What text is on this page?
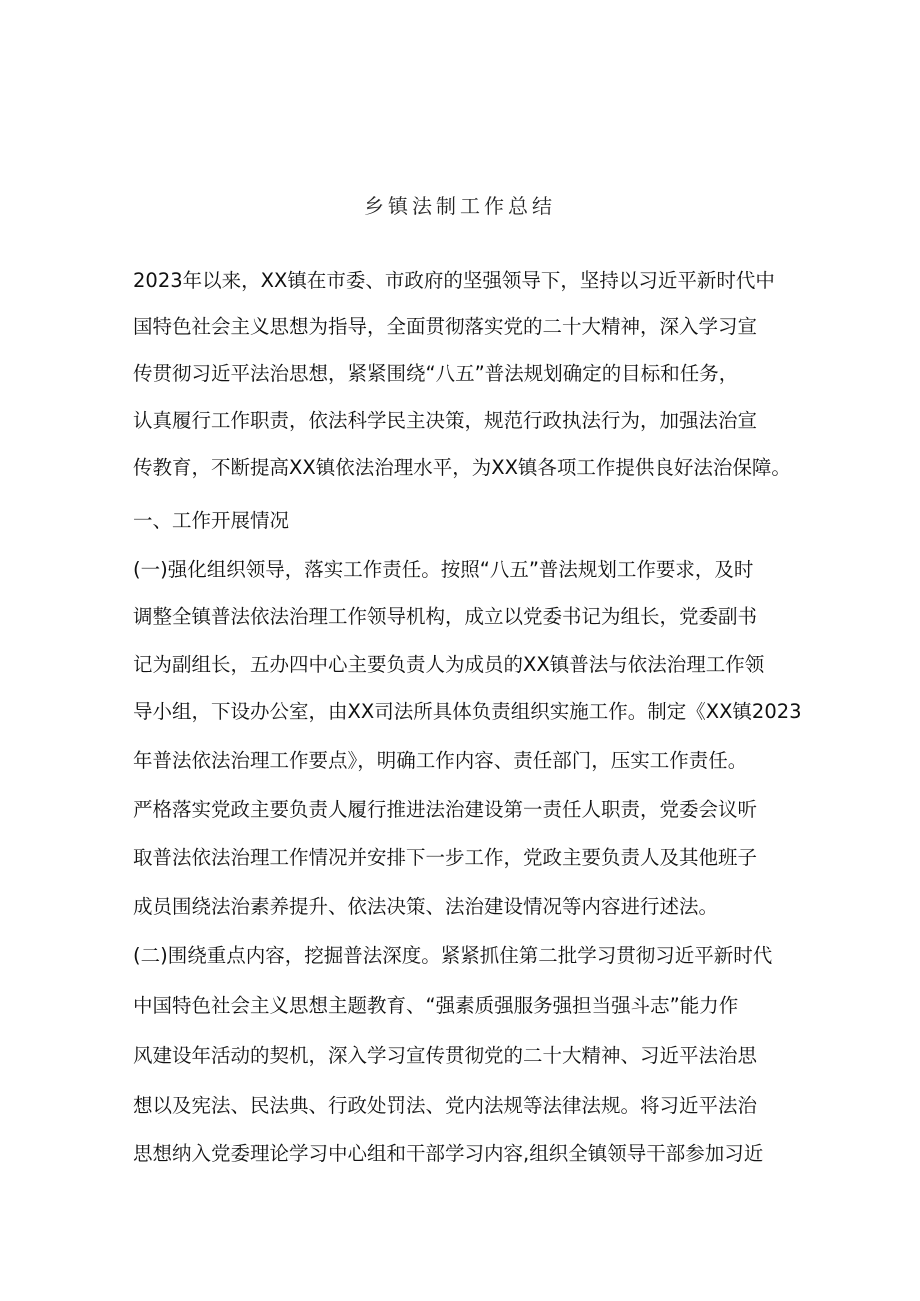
乡镇法制工作总结
2023年以来，XX镇在市委、市政府的坚强领导下，坚持以习近平新时代中
国特色社会主义思想为指导，全面贯彻落实党的二十大精神，深入学习宣
传贯彻习近平法治思想，紧紧围绕“八五”普法规划确定的目标和任务，
认真履行工作职责，依法科学民主决策，规范行政执法行为，加强法治宣
传教育，不断提高XX镇依法治理水平，为XX镇各项工作提供良好法治保障。
一、工作开展情况
(一)强化组织领导，落实工作责任。按照“八五”普法规划工作要求，及时
调整全镇普法依法治理工作领导机构，成立以党委书记为组长，党委副书
记为副组长，五办四中心主要负责人为成员的XX镇普法与依法治理工作领
导小组，下设办公室，由XX司法所具体负责组织实施工作。制定《XX镇2023
年普法依法治理工作要点》，明确工作内容、责任部门，压实工作责任。
严格落实党政主要负责人履行推进法治建设第一责任人职责，党委会议听
取普法依法治理工作情况并安排下一步工作，党政主要负责人及其他班子
成员围绕法治素养提升、依法决策、法治建设情况等内容进行述法。
(二)围绕重点内容，挖掘普法深度。紧紧抓住第二批学习贯彻习近平新时代
中国特色社会主义思想主题教育、“强素质强服务强担当强斗志”能力作
风建设年活动的契机，深入学习宣传贯彻党的二十大精神、习近平法治思
想以及宪法、民法典、行政处罚法、党内法规等法律法规。将习近平法治
思想纳入党委理论学习中心组和干部学习内容,组织全镇领导干部参加习近
